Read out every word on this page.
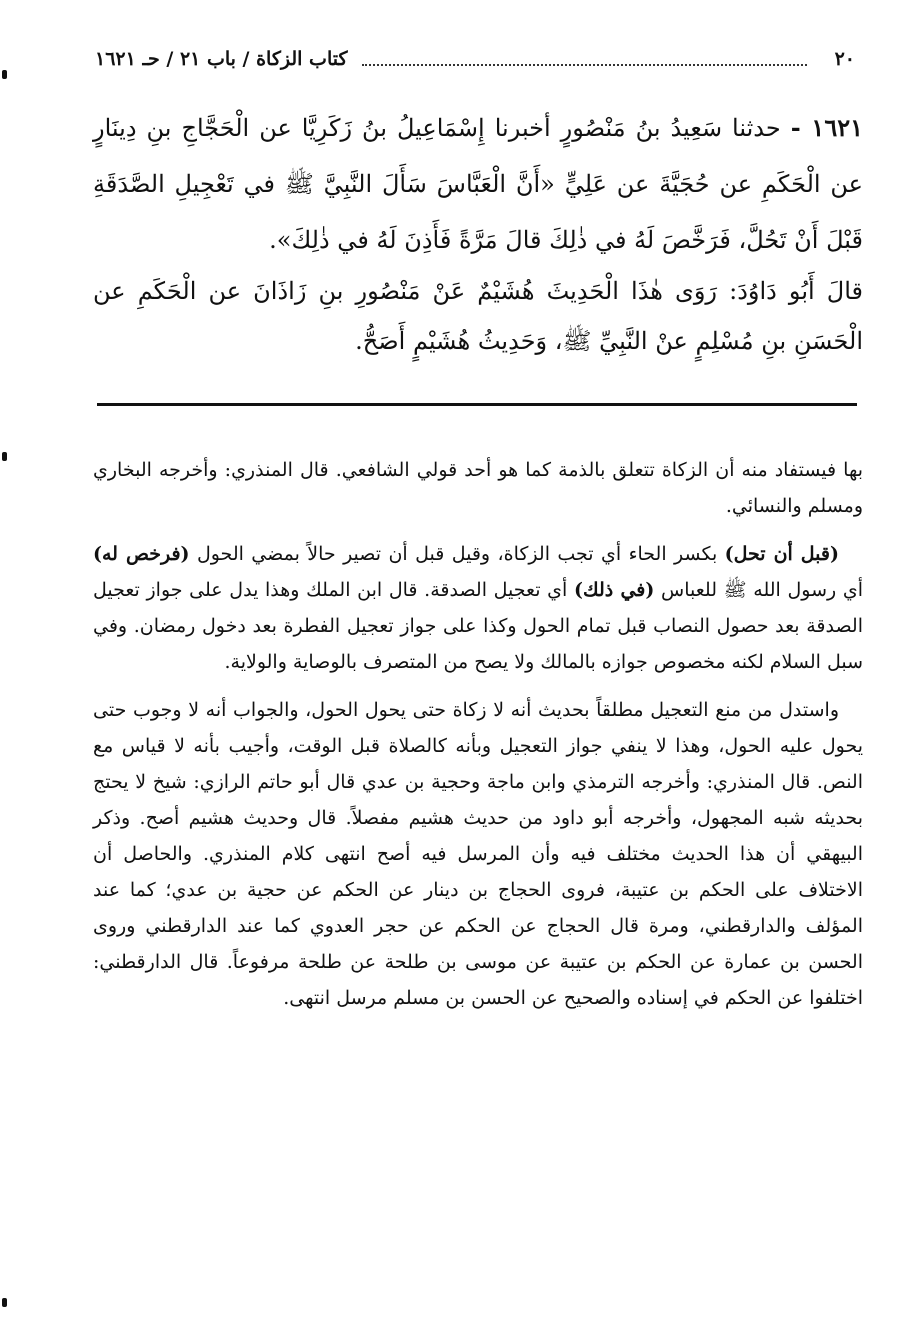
٢٠
كتاب الزكاة / باب ٢١ / حـ ١٦٢١
١٦٢١ - حدثنا سَعِيدُ بنُ مَنْصُورٍ أخبرنا إِسْمَاعِيلُ بنُ زَكَرِيَّا عن الْحَجَّاجِ بنِ دِينَارٍ عن الْحَكَمِ عن حُجَيَّةَ عن عَلِيٍّ «أَنَّ الْعَبَّاسَ سَأَلَ النَّبِيَّ ﷺ في تَعْجِيلِ الصَّدَقَةِ قَبْلَ أَنْ تَحُلَّ، فَرَخَّصَ لَهُ في ذٰلِكَ قالَ مَرَّةً فَأَذِنَ لَهُ في ذٰلِكَ».
قالَ أَبُو دَاوُدَ: رَوَى هٰذَا الْحَدِيثَ هُشَيْمٌ عَنْ مَنْصُورِ بنِ زَاذَانَ عن الْحَكَمِ عن الْحَسَنِ بنِ مُسْلِمٍ عنْ النَّبِيِّ ﷺ، وَحَدِيثُ هُشَيْمٍ أَصَحُّ.

بها فيستفاد منه أن الزكاة تتعلق بالذمة كما هو أحد قولي الشافعي. قال المنذري: وأخرجه البخاري ومسلم والنسائي.

(قبل أن تحل) بكسر الحاء أي تجب الزكاة، وقيل قبل أن تصير حالاً بمضي الحول (فرخص له) أي رسول الله ﷺ للعباس (في ذلك) أي تعجيل الصدقة. قال ابن الملك وهذا يدل على جواز تعجيل الصدقة بعد حصول النصاب قبل تمام الحول وكذا على جواز تعجيل الفطرة بعد دخول رمضان. وفي سبل السلام لكنه مخصوص جوازه بالمالك ولا يصح من المتصرف بالوصاية والولاية.

واستدل من منع التعجيل مطلقاً بحديث أنه لا زكاة حتى يحول الحول، والجواب أنه لا وجوب حتى يحول عليه الحول، وهذا لا ينفي جواز التعجيل وبأنه كالصلاة قبل الوقت، وأجيب بأنه لا قياس مع النص. قال المنذري: وأخرجه الترمذي وابن ماجة وحجية بن عدي قال أبو حاتم الرازي: شيخ لا يحتج بحديثه شبه المجهول، وأخرجه أبو داود من حديث هشيم مفصلاً. قال وحديث هشيم أصح. وذكر البيهقي أن هذا الحديث مختلف فيه وأن المرسل فيه أصح انتهى كلام المنذري. والحاصل أن الاختلاف على الحكم بن عتيبة، فروى الحجاج بن دينار عن الحكم عن حجية بن عدي؛ كما عند المؤلف والدارقطني، ومرة قال الحجاج عن الحكم عن حجر العدوي كما عند الدارقطني وروى الحسن بن عمارة عن الحكم بن عتيبة عن موسى بن طلحة عن طلحة مرفوعاً. قال الدارقطني: اختلفوا عن الحكم في إسناده والصحيح عن الحسن بن مسلم مرسل انتهى.
